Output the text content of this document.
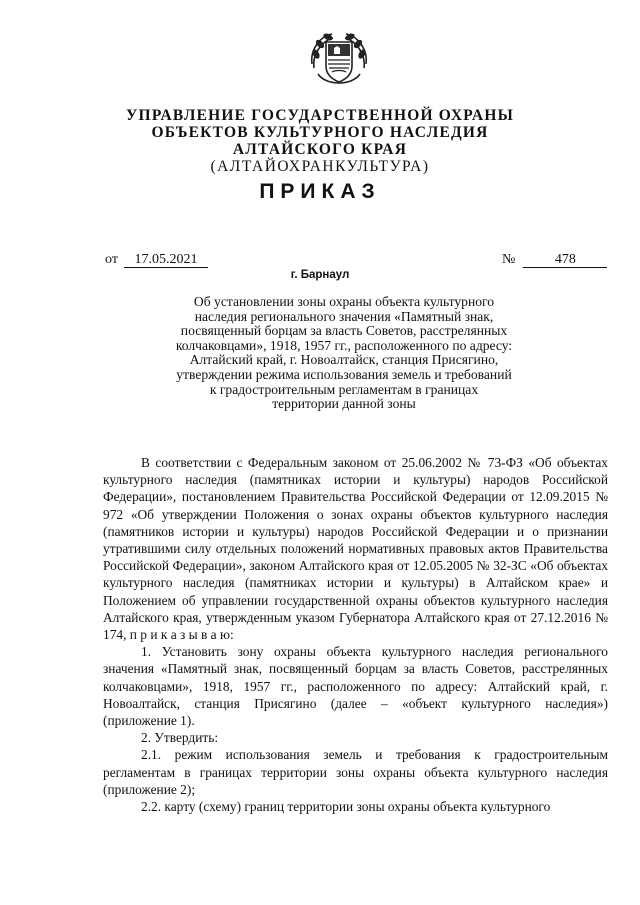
УПРАВЛЕНИЕ ГОСУДАРСТВЕННОЙ ОХРАНЫ
ОБЪЕКТОВ КУЛЬТУРНОГО НАСЛЕДИЯ
АЛТАЙСКОГО КРАЯ
(АЛТАЙОХРАНКУЛЬТУРА)
ПРИКАЗ
от 17.05.2021	№	478
г. Барнаул
Об установлении зоны охраны объекта культурного
наследия регионального значения «Памятный знак,
посвященный борцам за власть Советов, расстрелянных
колчаковцами», 1918, 1957 гг., расположенного по адресу:
Алтайский край, г. Новоалтайск, станция Присягино,
утверждении режима использования земель и требований
к градостроительным регламентам в границах
территории данной зоны

В соответствии с Федеральным законом от 25.06.2002 № 73-ФЗ «Об объектах культурного наследия (памятниках истории и культуры) народов Российской Федерации», постановлением Правительства Российской Федерации от 12.09.2015 № 972 «Об утверждении Положения о зонах охраны объектов культурного наследия (памятников истории и культуры) народов Российской Федерации и о признании утратившими силу отдельных положений нормативных правовых актов Правительства Российской Федерации», законом Алтайского края от 12.05.2005 № 32-ЗС «Об объектах культурного наследия (памятниках истории и культуры) в Алтайском крае» и Положением об управлении государственной охраны объектов культурного наследия Алтайского края, утвержденным указом Губернатора Алтайского края от 27.12.2016 № 174, п р и к а з ы в а ю:

1. Установить зону охраны объекта культурного наследия регионального значения «Памятный знак, посвященный борцам за власть Советов, расстрелянных колчаковцами», 1918, 1957 гг., расположенного по адресу: Алтайский край, г. Новоалтайск, станция Присягино (далее – «объект культурного наследия») (приложение 1).

2. Утвердить:

2.1. режим использования земель и требования к градостроительным регламентам в границах территории зоны охраны объекта культурного наследия (приложение 2);

2.2. карту (схему) границ территории зоны охраны объекта культурного
